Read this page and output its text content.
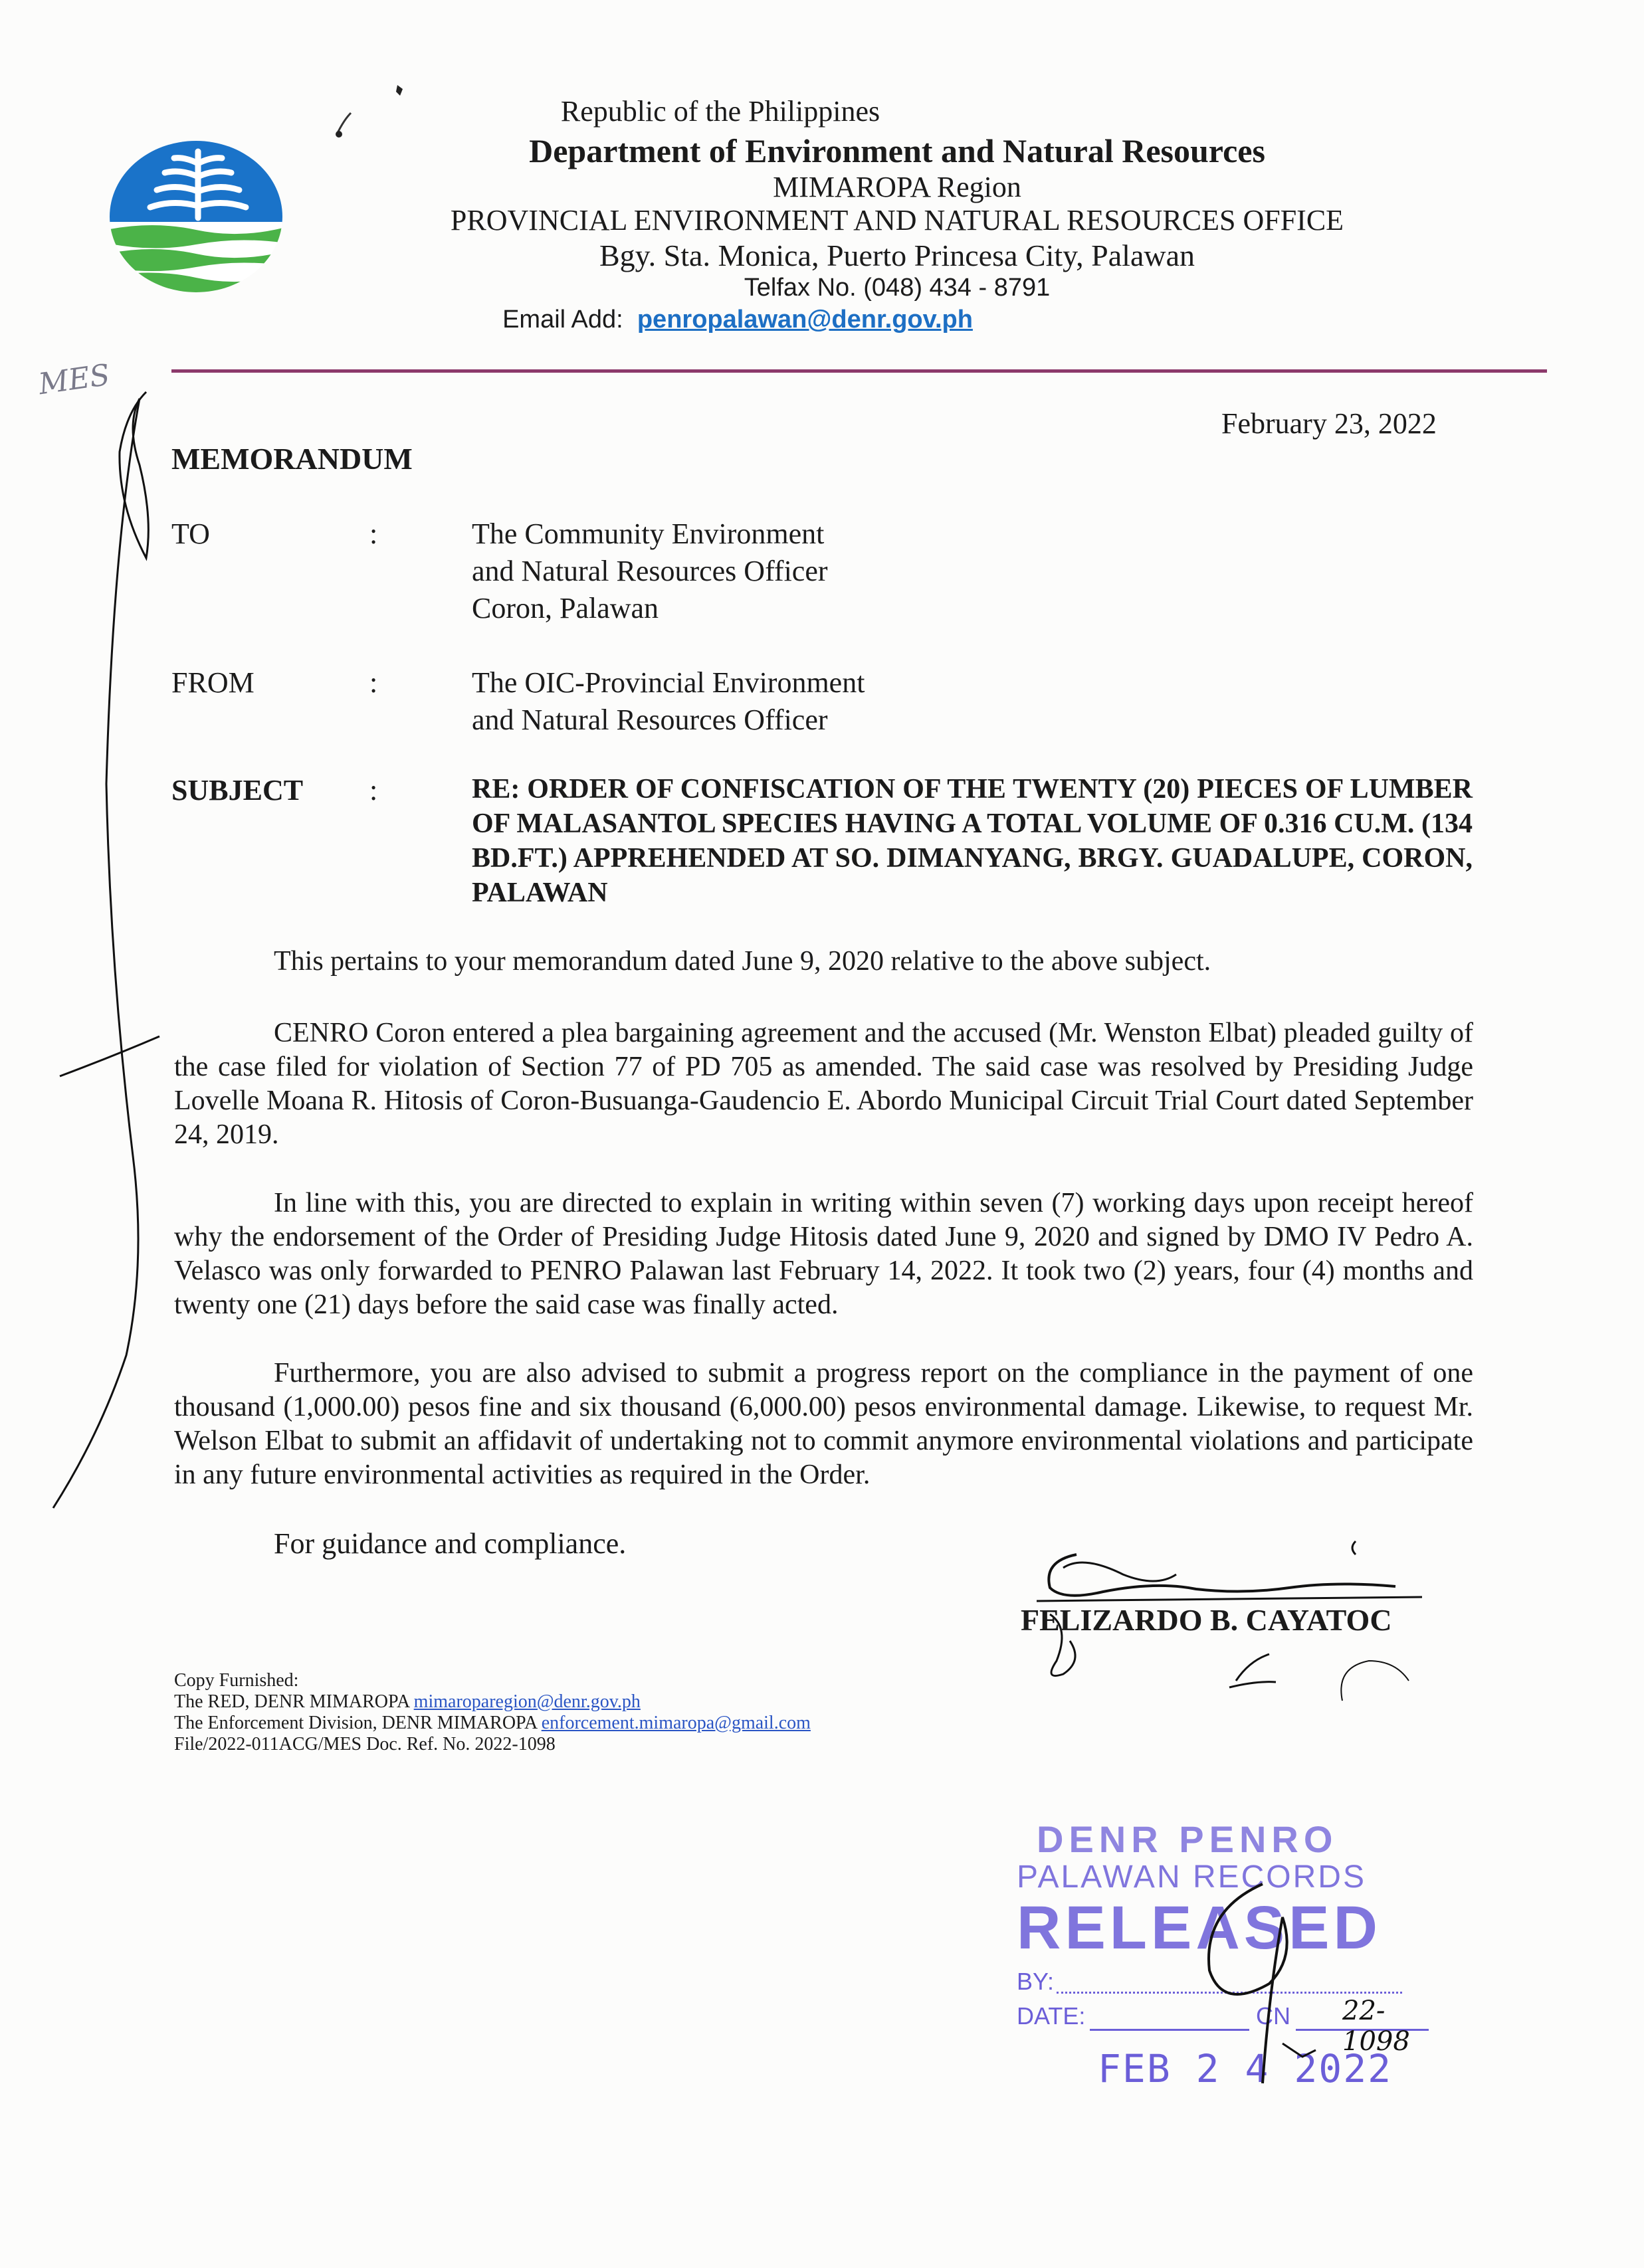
Republic of the Philippines
Department of Environment and Natural Resources
MIMAROPA Region
PROVINCIAL ENVIRONMENT AND NATURAL RESOURCES OFFICE
Bgy. Sta. Monica, Puerto Princesa City, Palawan
Telfax No. (048) 434 - 8791
Email Add: penropalawan@denr.gov.ph
MES
February 23, 2022
MEMORANDUM
TO	:	The Community Environment
and Natural Resources Officer
Coron, Palawan
FROM	:	The OIC-Provincial Environment
and Natural Resources Officer
SUBJECT :	RE: ORDER OF CONFISCATION OF THE TWENTY (20) PIECES OF LUMBER OF MALASANTOL SPECIES HAVING A TOTAL VOLUME OF 0.316 CU.M. (134 BD.FT.) APPREHENDED AT SO. DIMANYANG, BRGY. GUADALUPE, CORON, PALAWAN
This pertains to your memorandum dated June 9, 2020 relative to the above subject.
CENRO Coron entered a plea bargaining agreement and the accused (Mr. Wenston Elbat) pleaded guilty of the case filed for violation of Section 77 of PD 705 as amended. The said case was resolved by Presiding Judge Lovelle Moana R. Hitosis of Coron-Busuanga-Gaudencio E. Abordo Municipal Circuit Trial Court dated September 24, 2019.
In line with this, you are directed to explain in writing within seven (7) working days upon receipt hereof why the endorsement of the Order of Presiding Judge Hitosis dated June 9, 2020 and signed by DMO IV Pedro A. Velasco was only forwarded to PENRO Palawan last February 14, 2022. It took two (2) years, four (4) months and twenty one (21) days before the said case was finally acted.
Furthermore, you are also advised to submit a progress report on the compliance in the payment of one thousand (1,000.00) pesos fine and six thousand (6,000.00) pesos environmental damage. Likewise, to request Mr. Welson Elbat to submit an affidavit of undertaking not to commit anymore environmental violations and participate in any future environmental activities as required in the Order.
For guidance and compliance.
FELIZARDO B. CAYATOC
Copy Furnished:
The RED, DENR MIMAROPA mimaroparegion@denr.gov.ph
The Enforcement Division, DENR MIMAROPA enforcement.mimaropa@gmail.com
File/2022-011ACG/MES Doc. Ref. No. 2022-1098
DENR PENRO
PALAWAN RECORDS
RELEASED
BY:
DATE:	CN 22-1098
FEB 2 4 2022
